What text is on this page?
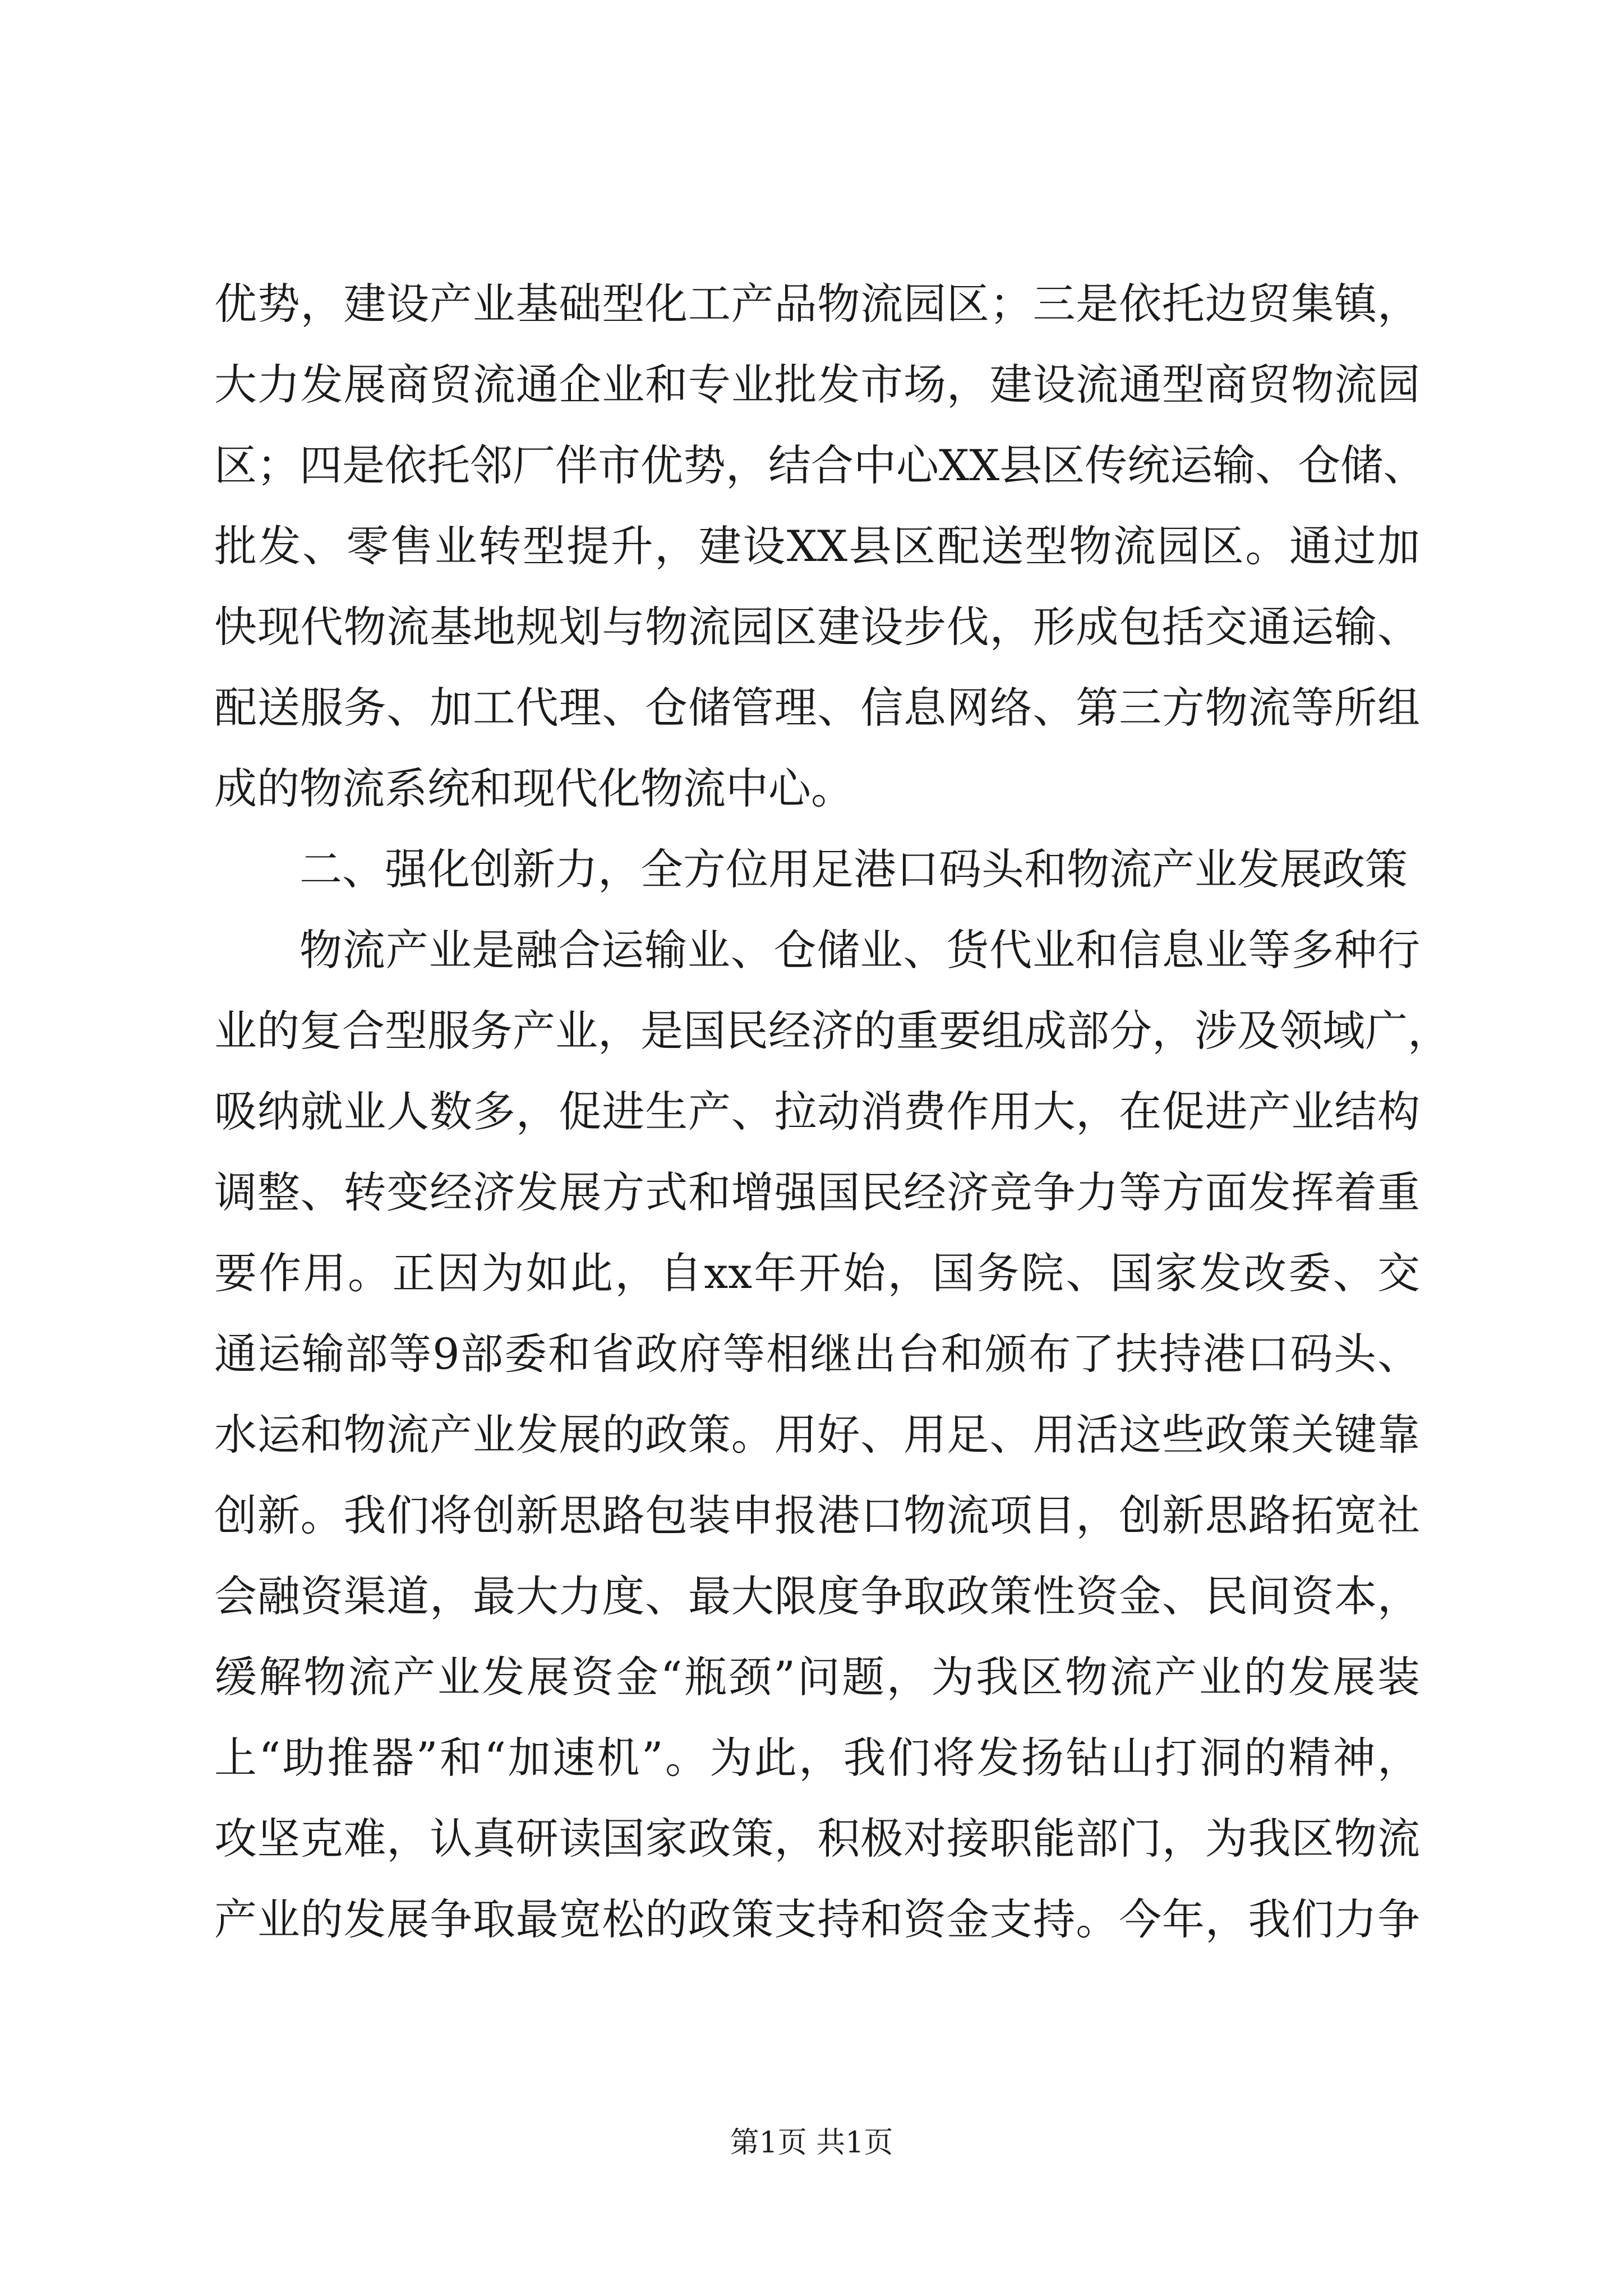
优势，建设产业基础型化工产品物流园区；三是依托边贸集镇，
大力发展商贸流通企业和专业批发市场，建设流通型商贸物流园
区；四是依托邻厂伴市优势，结合中心XX县区传统运输、仓储、
批发、零售业转型提升，建设XX县区配送型物流园区。通过加
快现代物流基地规划与物流园区建设步伐，形成包括交通运输、
配送服务、加工代理、仓储管理、信息网络、第三方物流等所组
成的物流系统和现代化物流中心。
二、强化创新力，全方位用足港口码头和物流产业发展政策
物流产业是融合运输业、仓储业、货代业和信息业等多种行
业的复合型服务产业，是国民经济的重要组成部分，涉及领域广，
吸纳就业人数多，促进生产、拉动消费作用大，在促进产业结构
调整、转变经济发展方式和增强国民经济竞争力等方面发挥着重
要作用。正因为如此，自xx年开始，国务院、国家发改委、交
通运输部等9部委和省政府等相继出台和颁布了扶持港口码头、
水运和物流产业发展的政策。用好、用足、用活这些政策关键靠
创新。我们将创新思路包装申报港口物流项目，创新思路拓宽社
会融资渠道，最大力度、最大限度争取政策性资金、民间资本，
缓解物流产业发展资金“瓶颈”问题，为我区物流产业的发展装
上“助推器”和“加速机”。为此，我们将发扬钻山打洞的精神，
攻坚克难，认真研读国家政策，积极对接职能部门，为我区物流
产业的发展争取最宽松的政策支持和资金支持。今年，我们力争
第1页 共1页
